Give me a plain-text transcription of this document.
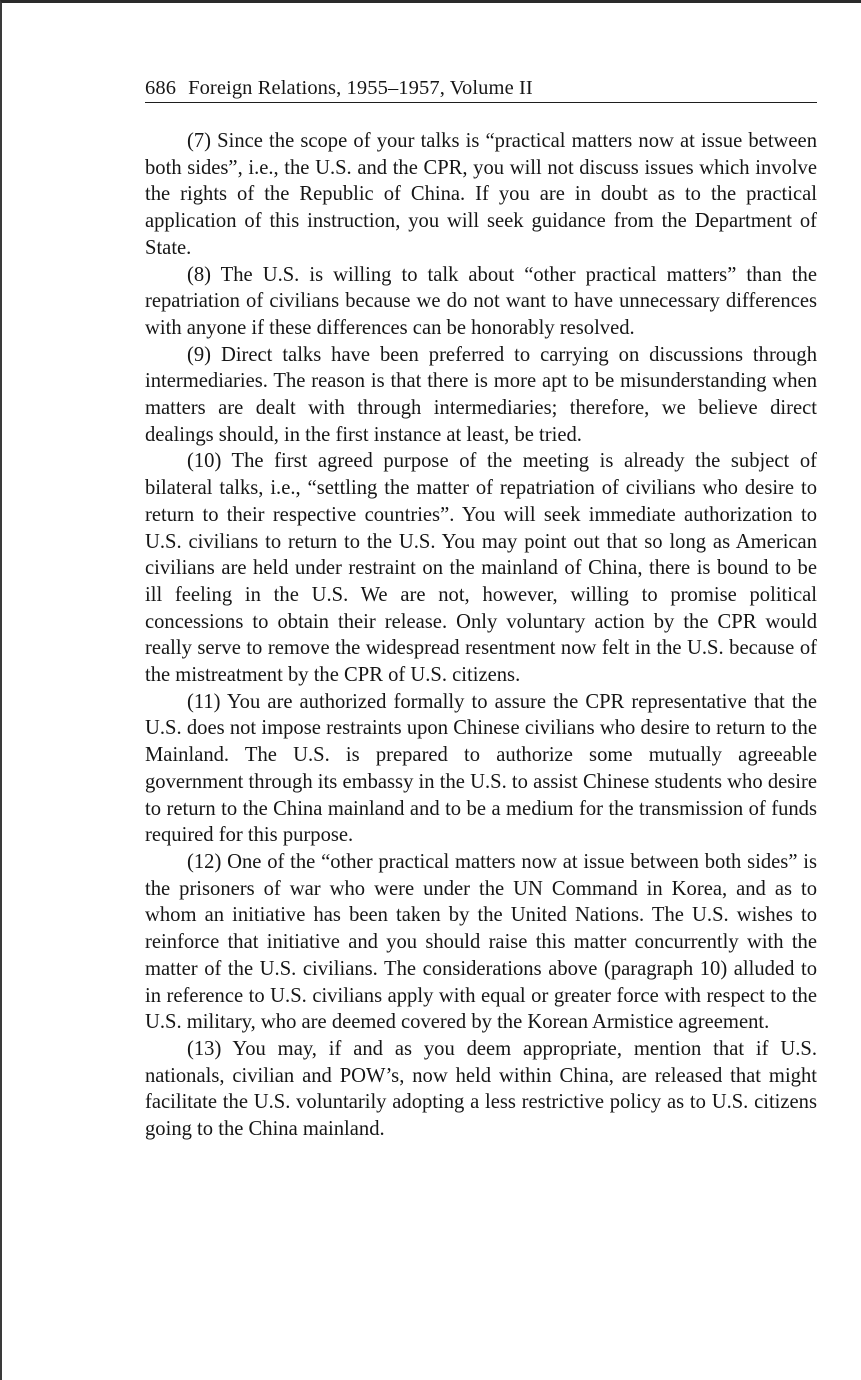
686 Foreign Relations, 1955–1957, Volume II

(7) Since the scope of your talks is “practical matters now at issue between both sides”, i.e., the U.S. and the CPR, you will not discuss issues which involve the rights of the Republic of China. If you are in doubt as to the practical application of this instruction, you will seek guidance from the Department of State.

(8) The U.S. is willing to talk about “other practical matters” than the repatriation of civilians because we do not want to have unnecessary differences with anyone if these differences can be honorably resolved.

(9) Direct talks have been preferred to carrying on discussions through intermediaries. The reason is that there is more apt to be misunderstanding when matters are dealt with through intermediaries; therefore, we believe direct dealings should, in the first instance at least, be tried.

(10) The first agreed purpose of the meeting is already the subject of bilateral talks, i.e., “settling the matter of repatriation of civilians who desire to return to their respective countries”. You will seek immediate authorization to U.S. civilians to return to the U.S. You may point out that so long as American civilians are held under restraint on the mainland of China, there is bound to be ill feeling in the U.S. We are not, however, willing to promise political concessions to obtain their release. Only voluntary action by the CPR would really serve to remove the widespread resentment now felt in the U.S. because of the mistreatment by the CPR of U.S. citizens.

(11) You are authorized formally to assure the CPR representative that the U.S. does not impose restraints upon Chinese civilians who desire to return to the Mainland. The U.S. is prepared to authorize some mutually agreeable government through its embassy in the U.S. to assist Chinese students who desire to return to the China mainland and to be a medium for the transmission of funds required for this purpose.

(12) One of the “other practical matters now at issue between both sides” is the prisoners of war who were under the UN Command in Korea, and as to whom an initiative has been taken by the United Nations. The U.S. wishes to reinforce that initiative and you should raise this matter concurrently with the matter of the U.S. civilians. The considerations above (paragraph 10) alluded to in reference to U.S. civilians apply with equal or greater force with respect to the U.S. military, who are deemed covered by the Korean Armistice agreement.

(13) You may, if and as you deem appropriate, mention that if U.S. nationals, civilian and POW’s, now held within China, are released that might facilitate the U.S. voluntarily adopting a less restrictive policy as to U.S. citizens going to the China mainland.
